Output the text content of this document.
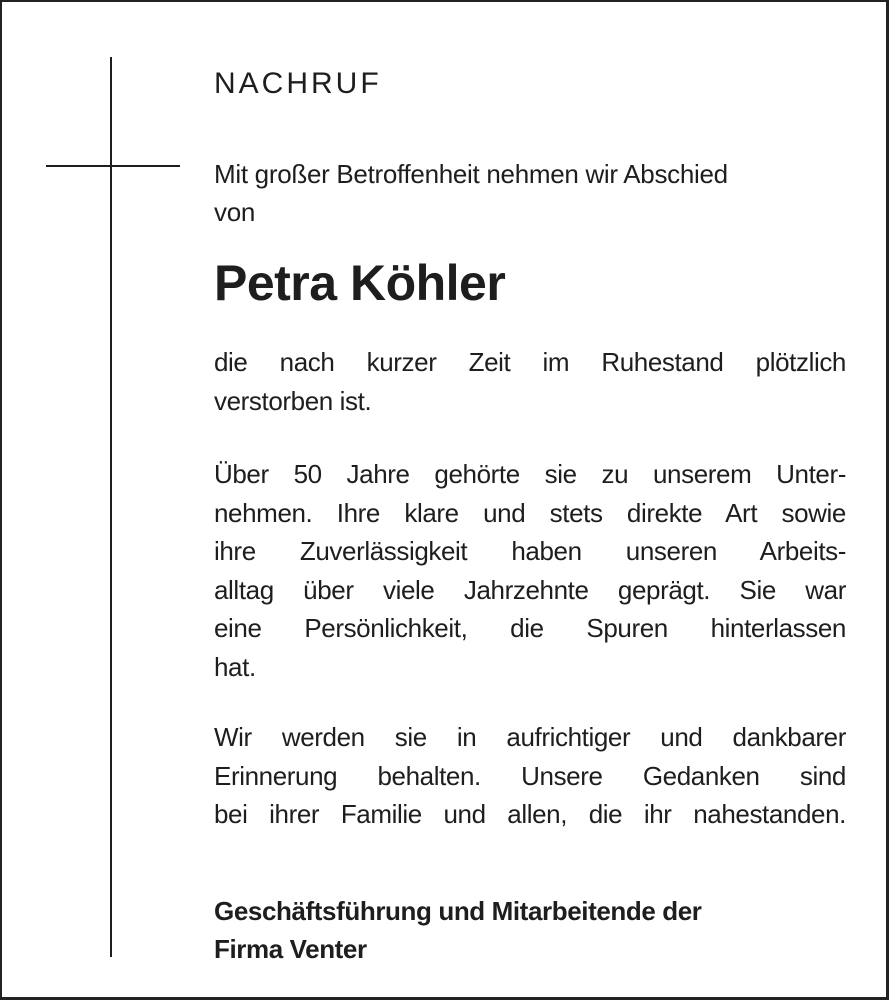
NACHRUF
Mit großer Betroffenheit nehmen wir Abschied
von
Petra Köhler
die nach kurzer Zeit im Ruhestand plötzlich
verstorben ist.
Über 50 Jahre gehörte sie zu unserem Unter-
nehmen. Ihre klare und stets direkte Art sowie
ihre Zuverlässigkeit haben unseren Arbeits-
alltag über viele Jahrzehnte geprägt. Sie war
eine Persönlichkeit, die Spuren hinterlassen
hat.
Wir werden sie in aufrichtiger und dankbarer
Erinnerung behalten. Unsere Gedanken sind
bei ihrer Familie und allen, die ihr nahestanden.
Geschäftsführung und Mitarbeitende der
Firma Venter
